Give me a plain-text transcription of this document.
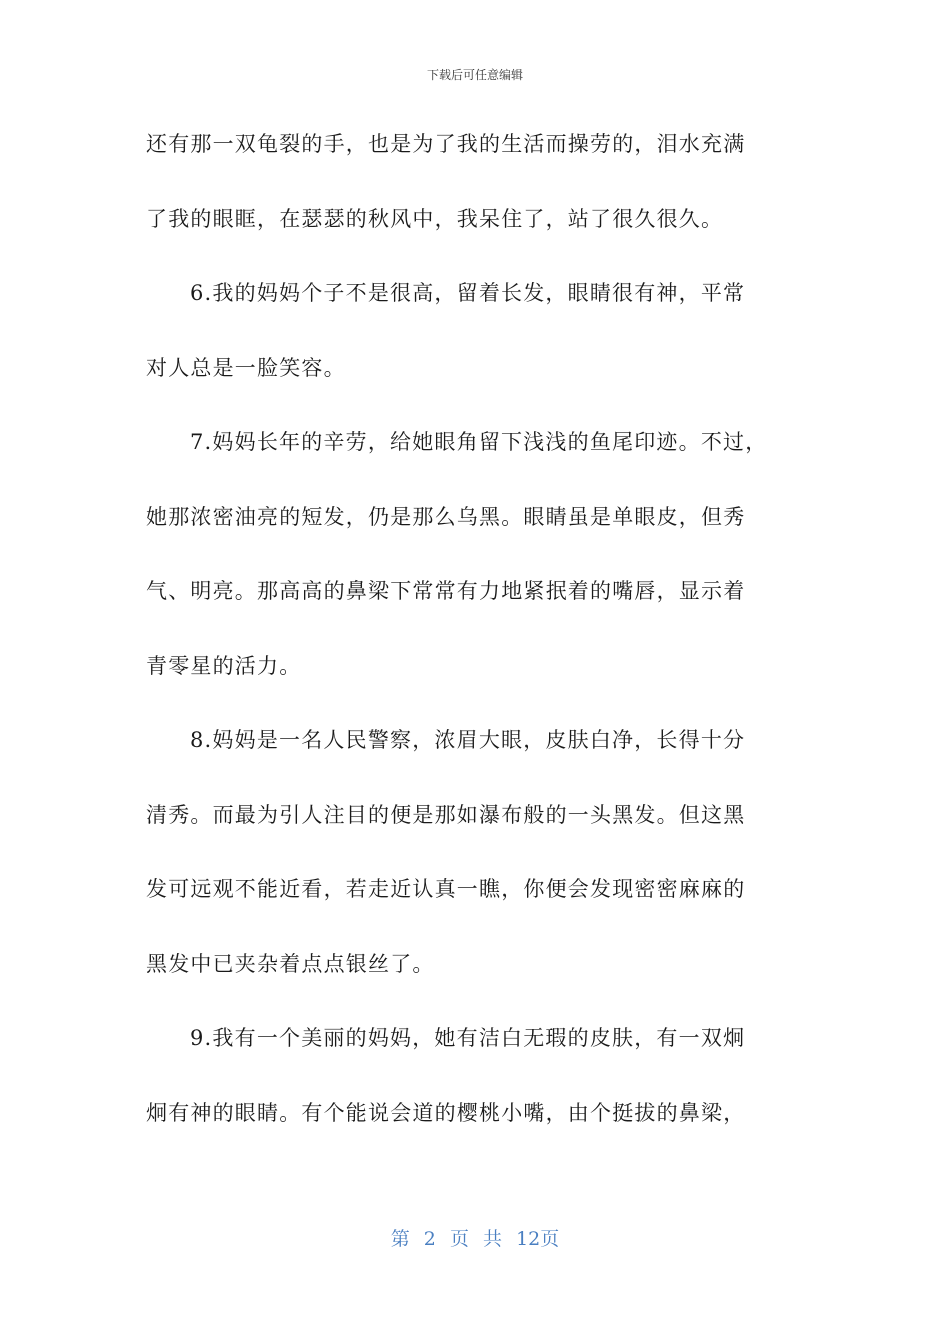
下载后可任意编辑
还有那一双龟裂的手，也是为了我的生活而操劳的，泪水充满
了我的眼眶，在瑟瑟的秋风中，我呆住了，站了很久很久。
6.我的妈妈个子不是很高，留着长发，眼睛很有神，平常
对人总是一脸笑容。
7.妈妈长年的辛劳，给她眼角留下浅浅的鱼尾印迹。不过，
她那浓密油亮的短发，仍是那么乌黑。眼睛虽是单眼皮，但秀
气、明亮。那高高的鼻梁下常常有力地紧抿着的嘴唇，显示着
青零星的活力。
8.妈妈是一名人民警察，浓眉大眼，皮肤白净，长得十分
清秀。而最为引人注目的便是那如瀑布般的一头黑发。但这黑
发可远观不能近看，若走近认真一瞧，你便会发现密密麻麻的
黑发中已夹杂着点点银丝了。
9.我有一个美丽的妈妈，她有洁白无瑕的皮肤，有一双炯
炯有神的眼睛。有个能说会道的樱桃小嘴，由个挺拔的鼻梁，
第 2 页 共 12页
